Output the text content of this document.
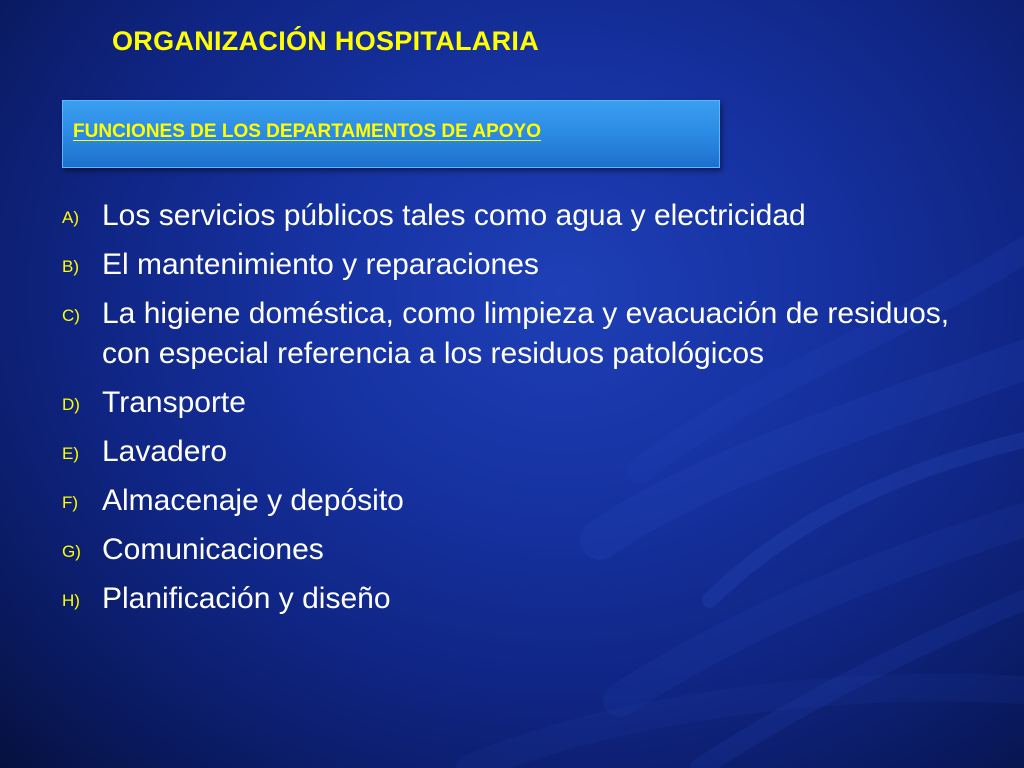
ORGANIZACIÓN HOSPITALARIA
FUNCIONES DE LOS DEPARTAMENTOS DE APOYO
A) Los servicios públicos tales como agua y electricidad
B) El mantenimiento y reparaciones
C) La higiene doméstica, como limpieza y evacuación de residuos, con especial referencia a los residuos patológicos
D) Transporte
E) Lavadero
F) Almacenaje y depósito
G) Comunicaciones
H) Planificación y diseño
